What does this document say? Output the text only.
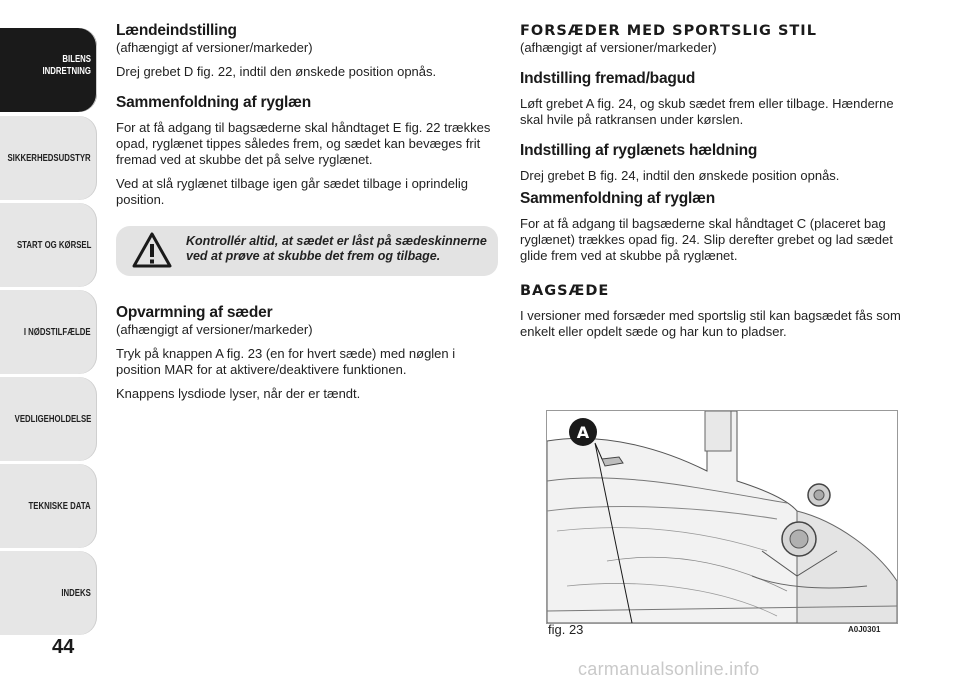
BILENS INDRETNING
SIKKERHEDSUDSTYR
START OG KØRSEL
I NØDSTILFÆLDE
VEDLIGEHOLDELSE
TEKNISKE DATA
INDEKS
44

Lændeindstilling

(afhængigt af versioner/markeder)

Drej grebet D fig. 22, indtil den ønskede position opnås.

Sammenfoldning af ryglæn

For at få adgang til bagsæderne skal håndtaget E fig. 22 trækkes opad, ryglænet tippes således frem, og sædet kan bevæges frit fremad ved at skubbe det på selve ryglænet.

Ved at slå ryglænet tilbage igen går sædet tilbage i oprindelig position.

Kontrollér altid, at sædet er låst på sædeskinnerne ved at prøve at skubbe det frem og tilbage.

Opvarmning af sæder

(afhængigt af versioner/markeder)

Tryk på knappen A fig. 23 (en for hvert sæde) med nøglen i position MAR for at aktivere/deaktivere funktionen.

Knappens lysdiode lyser, når der er tændt.

FORSÆDER MED SPORTSLIG STIL

(afhængigt af versioner/markeder)

Indstilling fremad/bagud

Løft grebet A fig. 24, og skub sædet frem eller tilbage. Hænderne skal hvile på ratkransen under kørslen.

Indstilling af ryglænets hældning

Drej grebet B fig. 24, indtil den ønskede position opnås.

Sammenfoldning af ryglæn

For at få adgang til bagsæderne skal håndtaget C (placeret bag ryglænet) trækkes opad fig. 24. Slip derefter grebet og lad sædet glide frem ved at skubbe på ryglænet.

BAGSÆDE

I versioner med forsæder med sportslig stil kan bagsædet fås som enkelt eller opdelt sæde og har kun to pladser.

A
fig. 23	A0J0301
carmanualsonline.info
